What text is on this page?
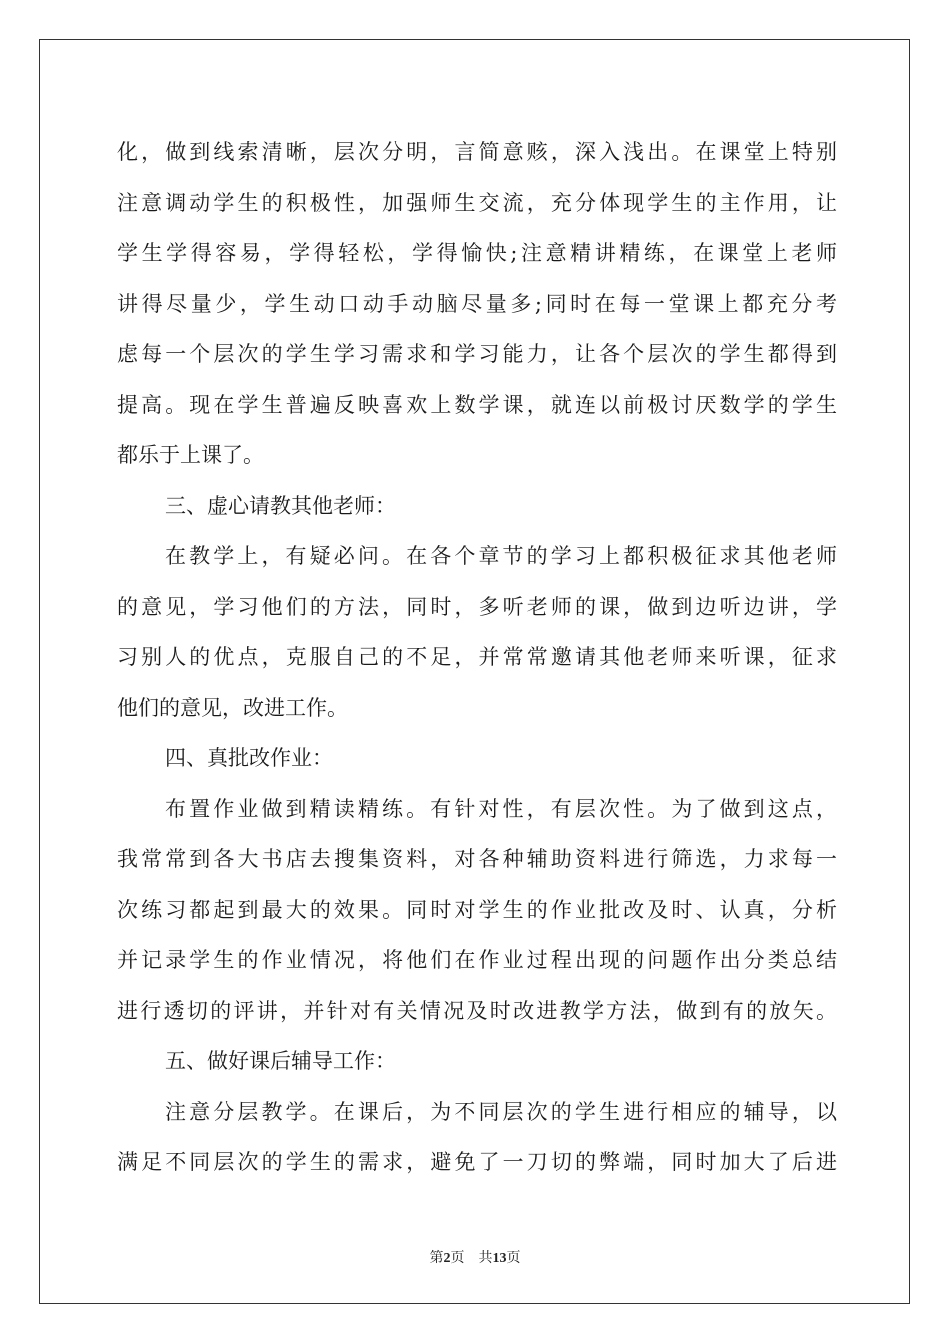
化，做到线索清晰，层次分明，言简意赅，深入浅出。在课堂上特别
注意调动学生的积极性，加强师生交流，充分体现学生的主作用，让
学生学得容易，学得轻松，学得愉快;注意精讲精练，在课堂上老师
讲得尽量少，学生动口动手动脑尽量多;同时在每一堂课上都充分考
虑每一个层次的学生学习需求和学习能力，让各个层次的学生都得到
提高。现在学生普遍反映喜欢上数学课，就连以前极讨厌数学的学生
都乐于上课了。
三、虚心请教其他老师：
在教学上，有疑必问。在各个章节的学习上都积极征求其他老师
的意见，学习他们的方法，同时，多听老师的课，做到边听边讲，学
习别人的优点，克服自己的不足，并常常邀请其他老师来听课，征求
他们的意见，改进工作。
四、真批改作业：
布置作业做到精读精练。有针对性，有层次性。为了做到这点，
我常常到各大书店去搜集资料，对各种辅助资料进行筛选，力求每一
次练习都起到最大的效果。同时对学生的作业批改及时、认真，分析
并记录学生的作业情况，将他们在作业过程出现的问题作出分类总结
进行透切的评讲，并针对有关情况及时改进教学方法，做到有的放矢。
五、做好课后辅导工作：
注意分层教学。在课后，为不同层次的学生进行相应的辅导，以
满足不同层次的学生的需求，避免了一刀切的弊端，同时加大了后进
第2页 共13页
